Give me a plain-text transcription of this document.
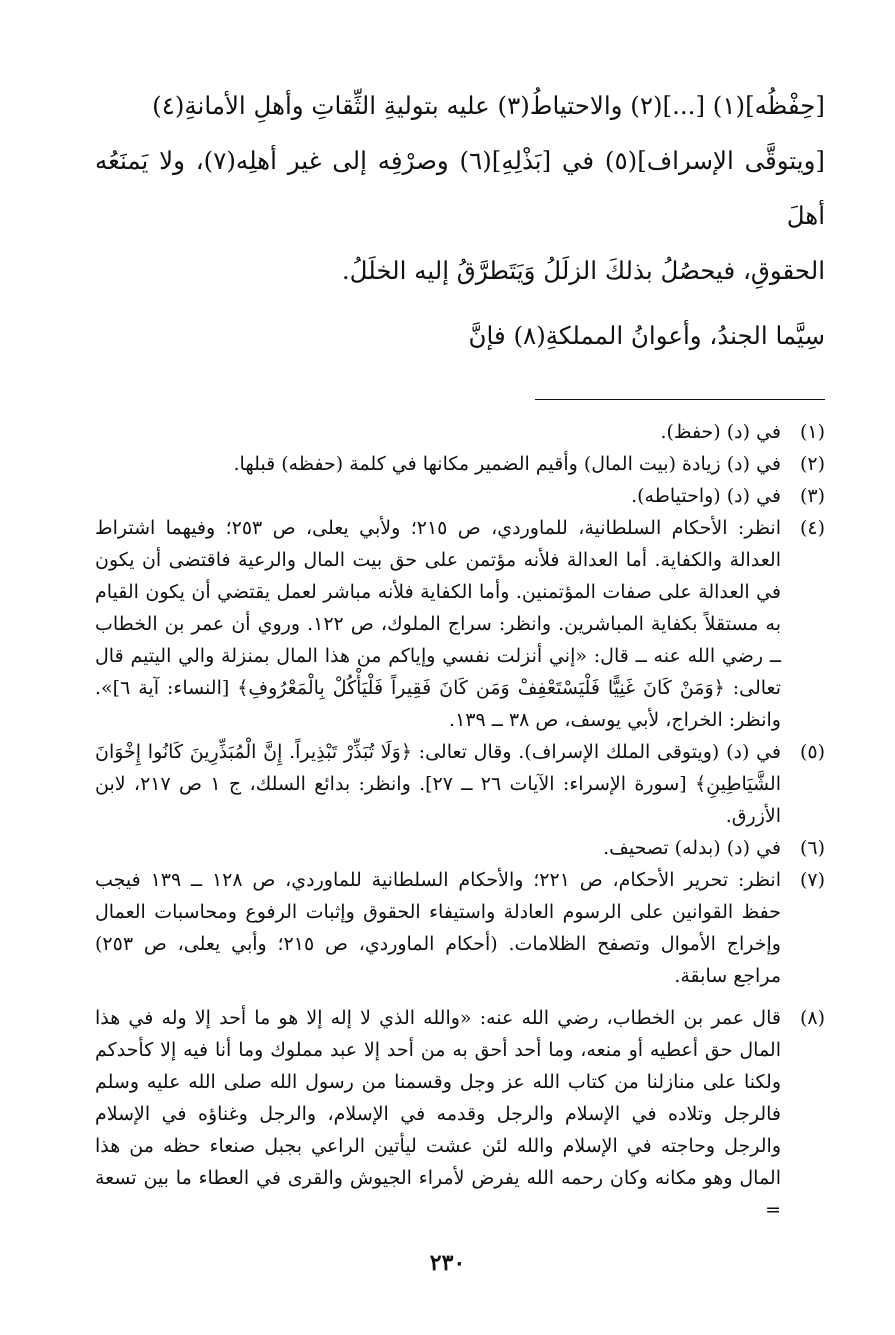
[حِفْظُه](١) [...](٢) والاحتياطُ(٣) عليه بتوليةِ الثِّقاتِ وأهلِ الأمانةِ(٤)

[ويتوقَّى الإسراف](٥) في [بَذْلِهِ](٦) وصرْفِه إلى غير أهلِه(٧)، ولا يَمنَعُه أهلَ

الحقوقِ، فيحصُلُ بذلكَ الزلَلُ وَيَتَطرَّقُ إليه الخلَلُ.

سِيَّما الجندُ، وأعوانُ المملكةِ(٨) فإنَّ

(١)
في (د) (حفظ).
(٢)
في (د) زيادة (بيت المال) وأقيم الضمير مكانها في كلمة (حفظه) قبلها.
(٣)
في (د) (واحتياطه).
(٤)
انظر: الأحكام السلطانية، للماوردي، ص ٢١٥؛ ولأبي يعلى، ص ٢٥٣؛ وفيهما اشتراط العدالة والكفاية. أما العدالة فلأنه مؤتمن على حق بيت المال والرعية فاقتضى أن يكون في العدالة على صفات المؤتمنين. وأما الكفاية فلأنه مباشر لعمل يقتضي أن يكون القيام به مستقلاً بكفاية المباشرين. وانظر: سراج الملوك، ص ١٢٢. وروي أن عمر بن الخطاب ــ رضي الله عنه ــ قال: «إني أنزلت نفسي وإياكم من هذا المال بمنزلة والي اليتيم قال تعالى: ﴿وَمَنْ كَانَ غَنِيًّا فَلْيَسْتَعْفِفْ وَمَن كَانَ فَقِيراً فَلْيَأْكُلْ بِالْمَعْرُوفِ﴾ [النساء: آية ٦]». وانظر: الخراج، لأبي يوسف، ص ٣٨ ــ ١٣٩.
(٥)
في (د) (ويتوقى الملك الإسراف). وقال تعالى: ﴿وَلَا تُبَذِّرْ تَبْذِيراً. إِنَّ الْمُبَذِّرِينَ كَانُوا إِخْوَانَ الشَّيَاطِينِ﴾ [سورة الإسراء: الآيات ٢٦ ــ ٢٧]. وانظر: بدائع السلك، ج ١ ص ٢١٧، لابن الأزرق.
(٦)
في (د) (بدله) تصحيف.
(٧)
انظر: تحرير الأحكام، ص ٢٢١؛ والأحكام السلطانية للماوردي، ص ١٢٨ ــ ١٣٩ فيجب حفظ القوانين على الرسوم العادلة واستيفاء الحقوق وإثبات الرفوع ومحاسبات العمال وإخراج الأموال وتصفح الظلامات. (أحكام الماوردي، ص ٢١٥؛ وأبي يعلى، ص ٢٥٣) مراجع سابقة.
(٨)
قال عمر بن الخطاب، رضي الله عنه: «والله الذي لا إله إلا هو ما أحد إلا وله في هذا المال حق أعطيه أو منعه، وما أحد أحق به من أحد إلا عبد مملوك وما أنا فيه إلا كأحدكم ولكنا على منازلنا من كتاب الله عز وجل وقسمنا من رسول الله صلى الله عليه وسلم فالرجل وتلاده في الإسلام والرجل وقدمه في الإسلام، والرجل وغناؤه في الإسلام والرجل وحاجته في الإسلام والله لئن عشت ليأتين الراعي بجبل صنعاء حظه من هذا المال وهو مكانه وكان رحمه الله يفرض لأمراء الجيوش والقرى في العطاء ما بين تسعة =
٢٣٠
